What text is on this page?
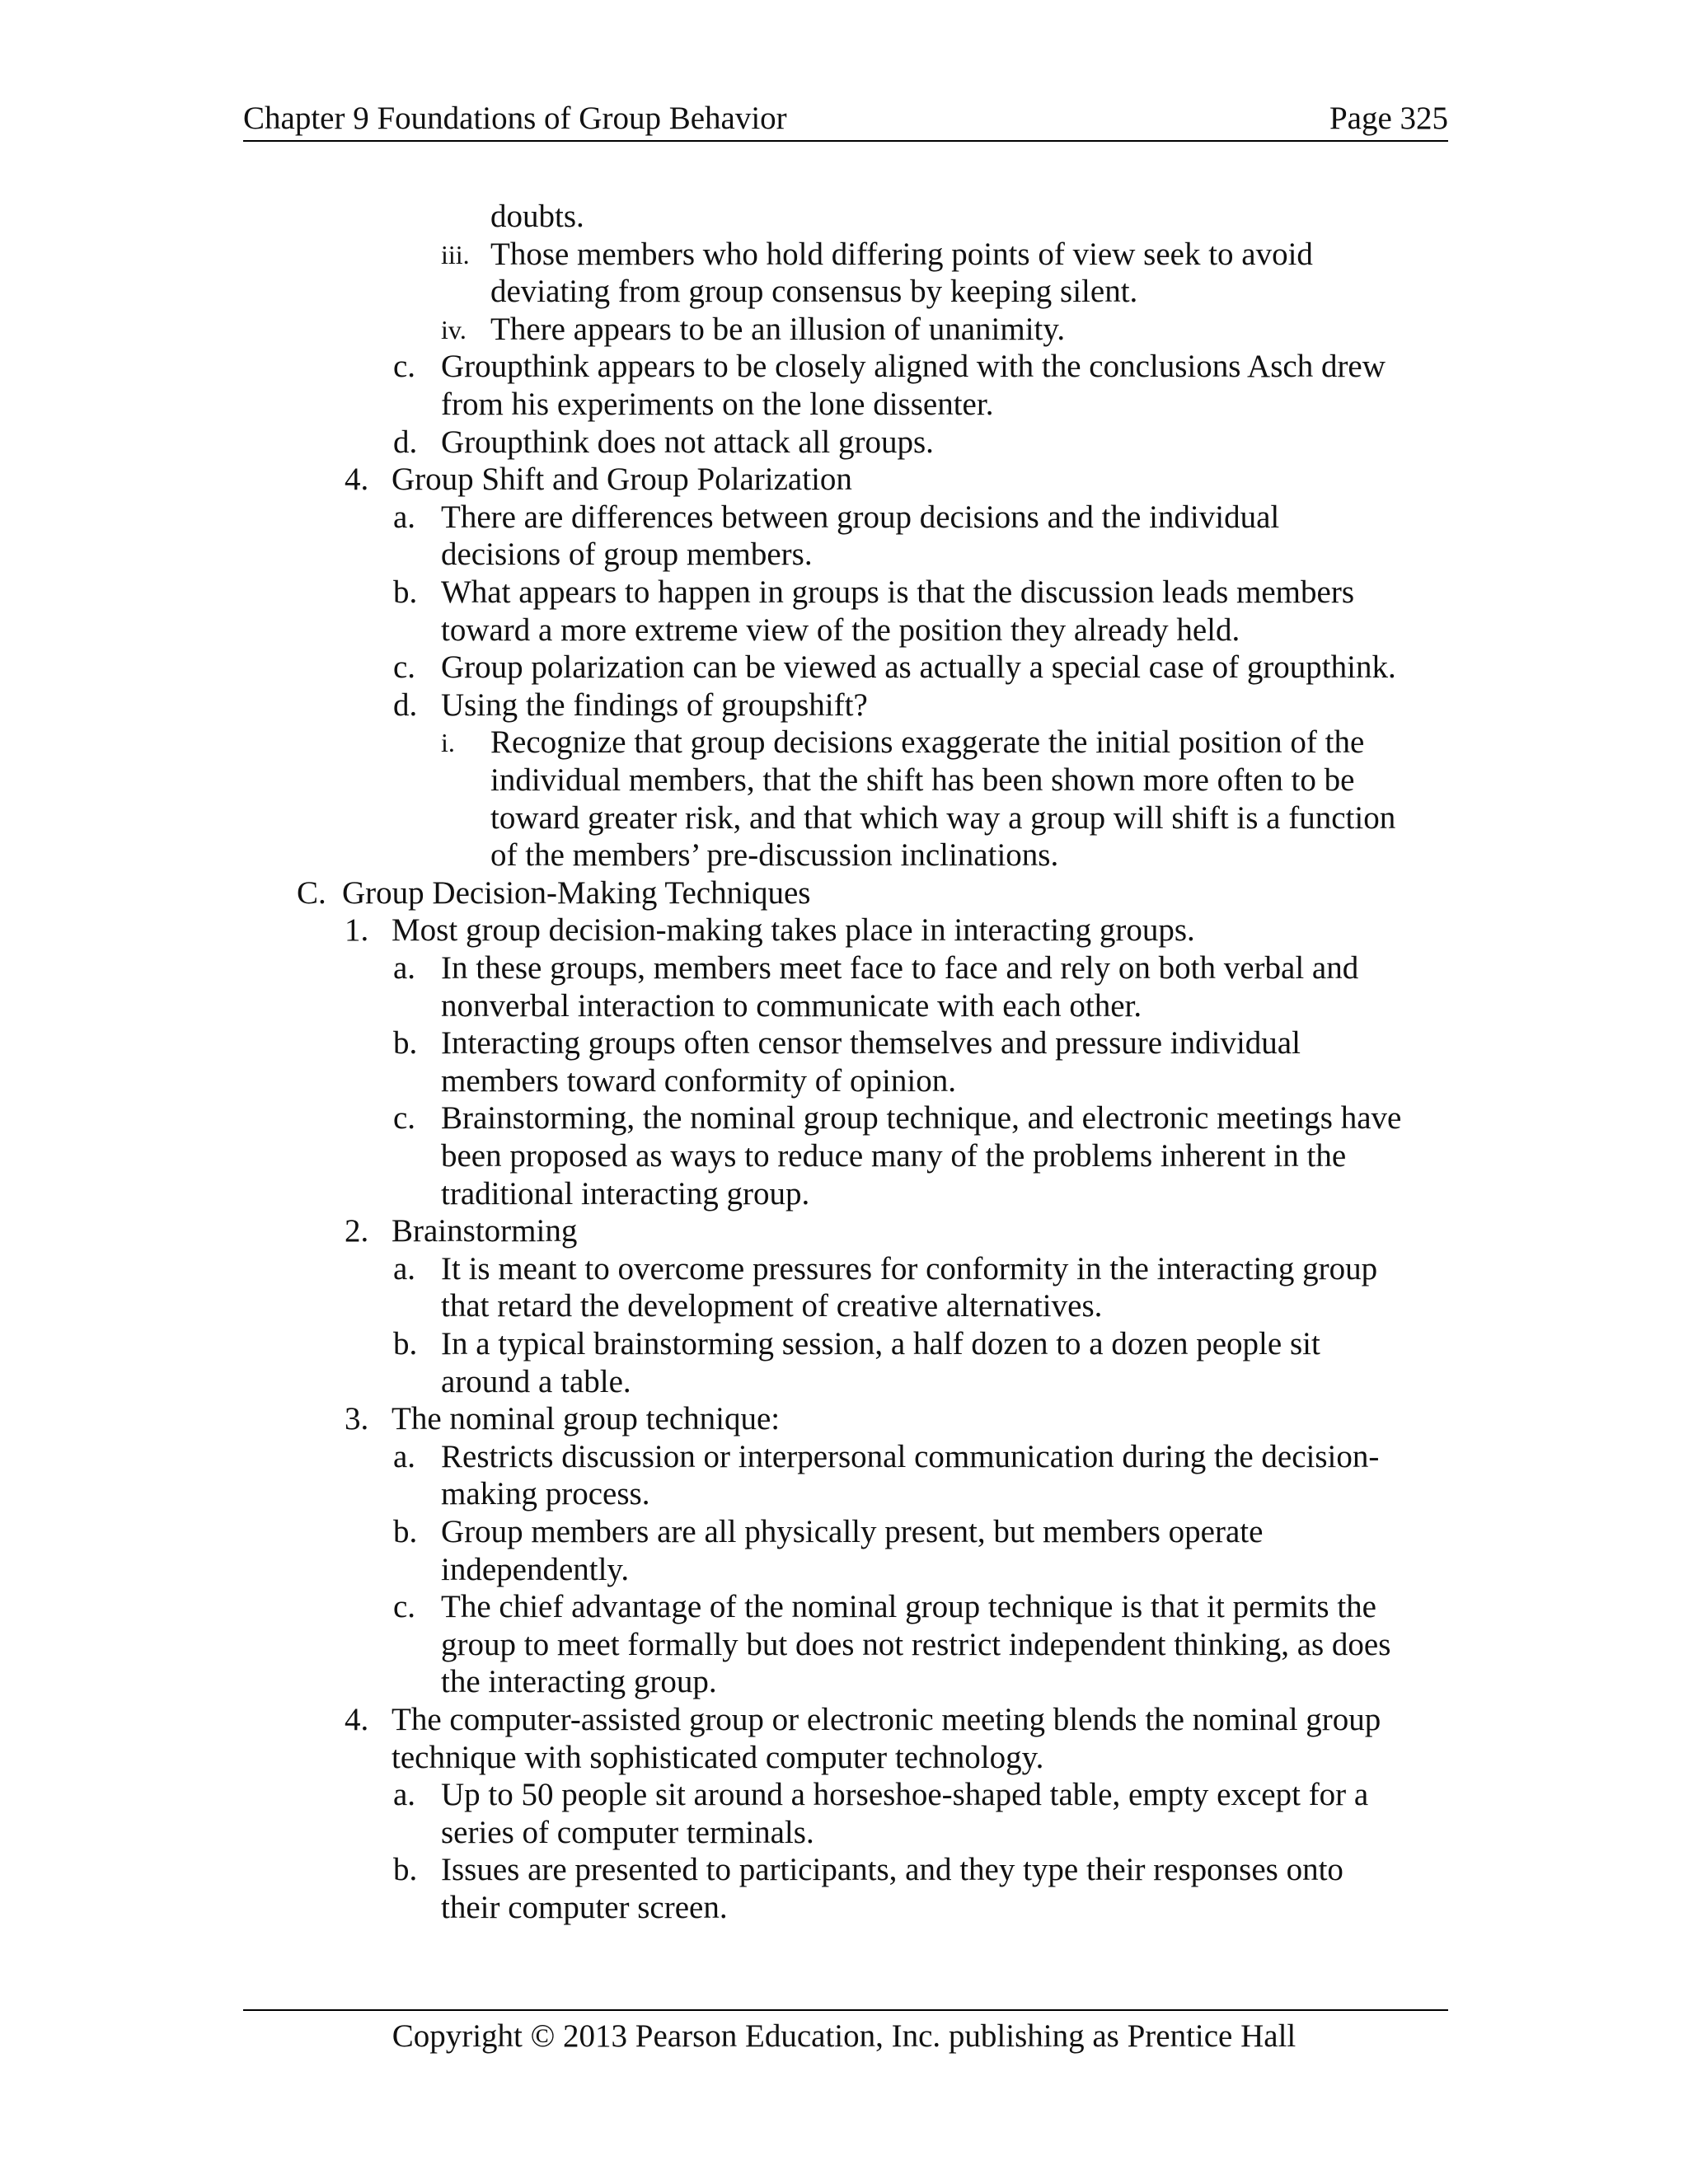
Chapter 9 Foundations of Group Behavior	Page 325
doubts.
iii. Those members who hold differing points of view seek to avoid
deviating from group consensus by keeping silent.
iv. There appears to be an illusion of unanimity.
c. Groupthink appears to be closely aligned with the conclusions Asch drew
from his experiments on the lone dissenter.
d. Groupthink does not attack all groups.
4. Group Shift and Group Polarization
a. There are differences between group decisions and the individual
decisions of group members.
b. What appears to happen in groups is that the discussion leads members
toward a more extreme view of the position they already held.
c. Group polarization can be viewed as actually a special case of groupthink.
d. Using the findings of groupshift?
i. Recognize that group decisions exaggerate the initial position of the
individual members, that the shift has been shown more often to be
toward greater risk, and that which way a group will shift is a function
of the members’ pre-discussion inclinations.
C. Group Decision-Making Techniques
1. Most group decision-making takes place in interacting groups.
a. In these groups, members meet face to face and rely on both verbal and
nonverbal interaction to communicate with each other.
b. Interacting groups often censor themselves and pressure individual
members toward conformity of opinion.
c. Brainstorming, the nominal group technique, and electronic meetings have
been proposed as ways to reduce many of the problems inherent in the
traditional interacting group.
2. Brainstorming
a. It is meant to overcome pressures for conformity in the interacting group
that retard the development of creative alternatives.
b. In a typical brainstorming session, a half dozen to a dozen people sit
around a table.
3. The nominal group technique:
a. Restricts discussion or interpersonal communication during the decision-
making process.
b. Group members are all physically present, but members operate
independently.
c. The chief advantage of the nominal group technique is that it permits the
group to meet formally but does not restrict independent thinking, as does
the interacting group.
4. The computer-assisted group or electronic meeting blends the nominal group
technique with sophisticated computer technology.
a. Up to 50 people sit around a horseshoe-shaped table, empty except for a
series of computer terminals.
b. Issues are presented to participants, and they type their responses onto
their computer screen.
Copyright © 2013 Pearson Education, Inc. publishing as Prentice Hall
